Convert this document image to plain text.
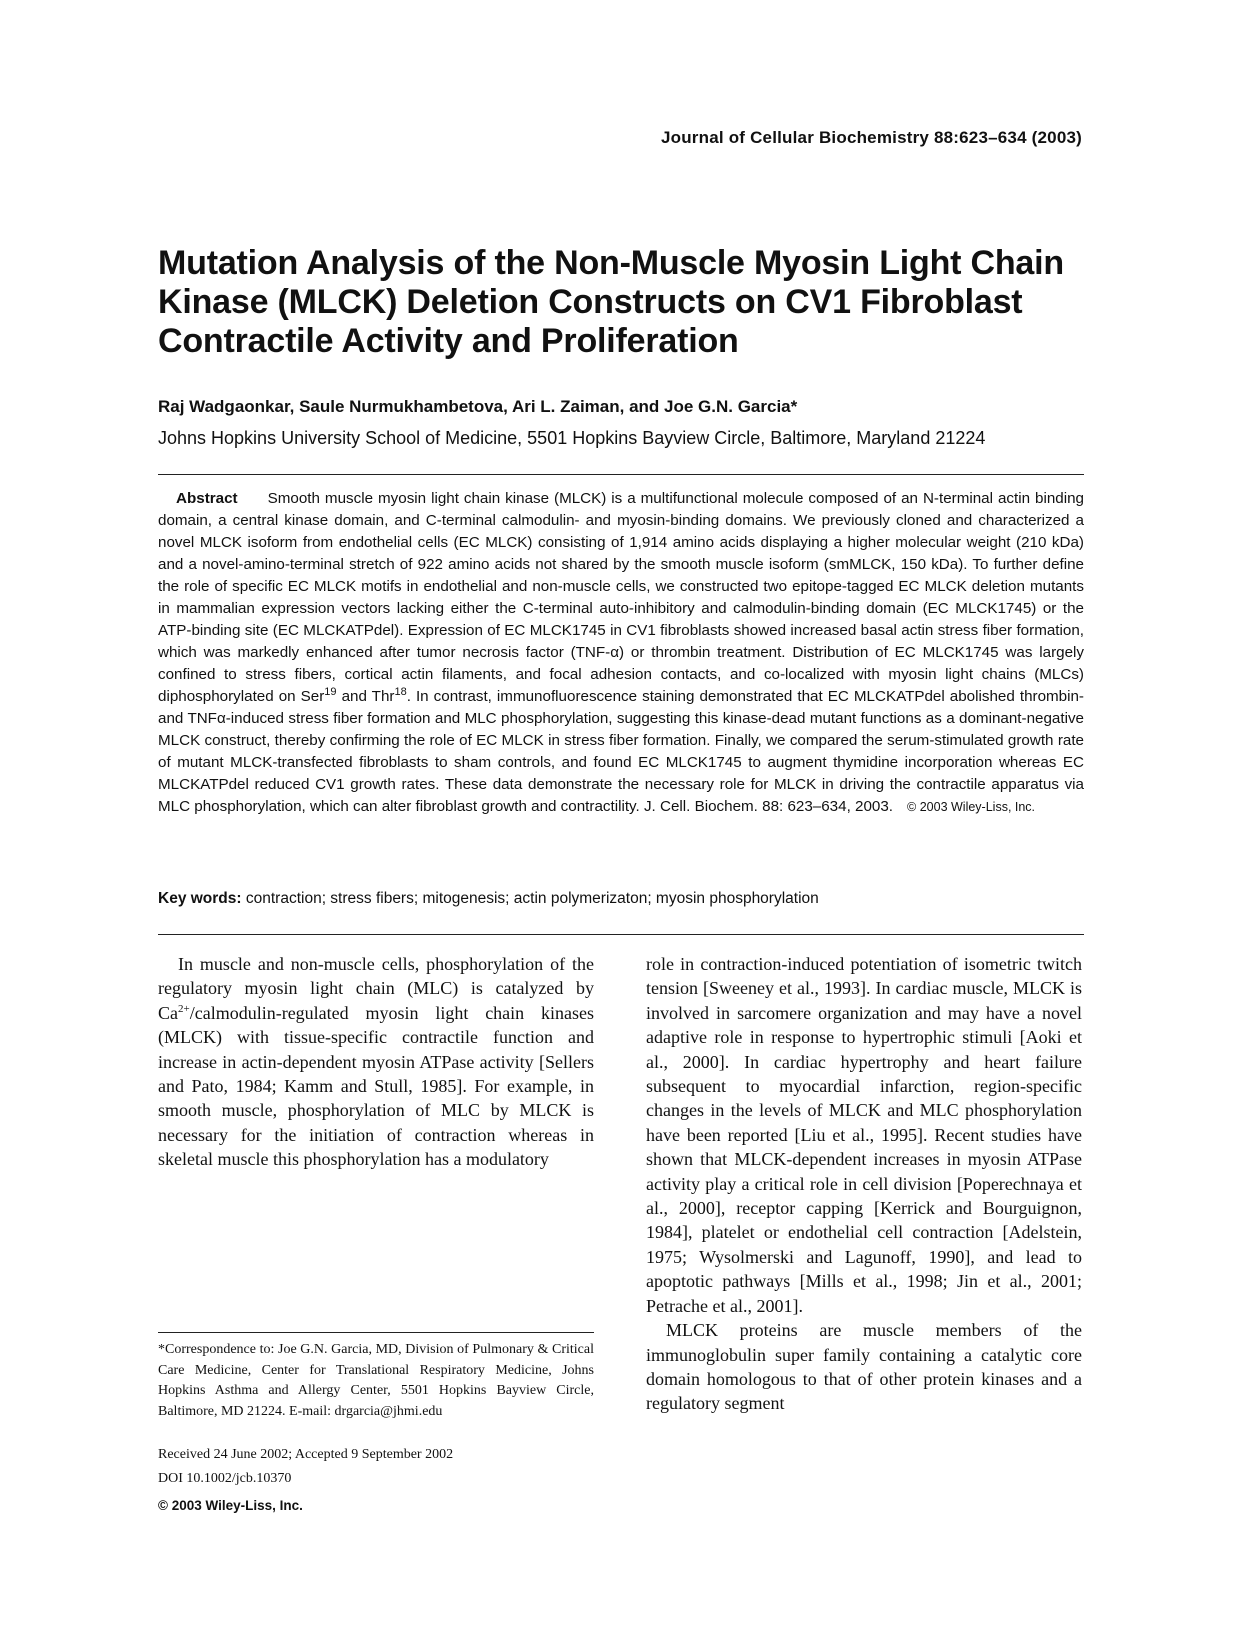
Journal of Cellular Biochemistry 88:623–634 (2003)
Mutation Analysis of the Non-Muscle Myosin Light Chain Kinase (MLCK) Deletion Constructs on CV1 Fibroblast Contractile Activity and Proliferation
Raj Wadgaonkar, Saule Nurmukhambetova, Ari L. Zaiman, and Joe G.N. Garcia*
Johns Hopkins University School of Medicine, 5501 Hopkins Bayview Circle, Baltimore, Maryland 21224

Abstract Smooth muscle myosin light chain kinase (MLCK) is a multifunctional molecule composed of an N-terminal actin binding domain, a central kinase domain, and C-terminal calmodulin- and myosin-binding domains. We previously cloned and characterized a novel MLCK isoform from endothelial cells (EC MLCK) consisting of 1,914 amino acids displaying a higher molecular weight (210 kDa) and a novel-amino-terminal stretch of 922 amino acids not shared by the smooth muscle isoform (smMLCK, 150 kDa). To further define the role of specific EC MLCK motifs in endothelial and non-muscle cells, we constructed two epitope-tagged EC MLCK deletion mutants in mammalian expression vectors lacking either the C-terminal auto-inhibitory and calmodulin-binding domain (EC MLCK1745) or the ATP-binding site (EC MLCKATPdel). Expression of EC MLCK1745 in CV1 fibroblasts showed increased basal actin stress fiber formation, which was markedly enhanced after tumor necrosis factor (TNF-α) or thrombin treatment. Distribution of EC MLCK1745 was largely confined to stress fibers, cortical actin filaments, and focal adhesion contacts, and co-localized with myosin light chains (MLCs) diphosphorylated on Ser$^{19}$ and Thr$^{18}$. In contrast, immunofluorescence staining demonstrated that EC MLCKATPdel abolished thrombin- and TNFα-induced stress fiber formation and MLC phosphorylation, suggesting this kinase-dead mutant functions as a dominant-negative MLCK construct, thereby confirming the role of EC MLCK in stress fiber formation. Finally, we compared the serum-stimulated growth rate of mutant MLCK-transfected fibroblasts to sham controls, and found EC MLCK1745 to augment thymidine incorporation whereas EC MLCKATPdel reduced CV1 growth rates. These data demonstrate the necessary role for MLCK in driving the contractile apparatus via MLC phosphorylation, which can alter fibroblast growth and contractility. J. Cell. Biochem. 88: 623–634, 2003. © 2003 Wiley-Liss, Inc.

Key words: contraction; stress fibers; mitogenesis; actin polymerizaton; myosin phosphorylation

In muscle and non-muscle cells, phosphorylation of the regulatory myosin light chain (MLC) is catalyzed by $Ca^{2+}/calmodulin$-regulated myosin light chain kinases (MLCK) with tissue-specific contractile function and increase in actin-dependent myosin ATPase activity [Sellers and Pato, 1984; Kamm and Stull, 1985]. For example, in smooth muscle, phosphorylation of MLC by MLCK is necessary for the initiation of contraction whereas in skeletal muscle this phosphorylation has a modulatory

role in contraction-induced potentiation of isometric twitch tension [Sweeney et al., 1993]. In cardiac muscle, MLCK is involved in sarcomere organization and may have a novel adaptive role in response to hypertrophic stimuli [Aoki et al., 2000]. In cardiac hypertrophy and heart failure subsequent to myocardial infarction, region-specific changes in the levels of MLCK and MLC phosphorylation have been reported [Liu et al., 1995]. Recent studies have shown that MLCK-dependent increases in myosin ATPase activity play a critical role in cell division [Poperechnaya et al., 2000], receptor capping [Kerrick and Bourguignon, 1984], platelet or endothelial cell contraction [Adelstein, 1975; Wysolmerski and Lagunoff, 1990], and lead to apoptotic pathways [Mills et al., 1998; Jin et al., 2001; Petrache et al., 2001].

MLCK proteins are muscle members of the immunoglobulin super family containing a catalytic core domain homologous to that of other protein kinases and a regulatory segment

*Correspondence to: Joe G.N. Garcia, MD, Division of Pulmonary & Critical Care Medicine, Center for Translational Respiratory Medicine, Johns Hopkins Asthma and Allergy Center, 5501 Hopkins Bayview Circle, Baltimore, MD 21224. E-mail: drgarcia@jhmi.edu

Received 24 June 2002; Accepted 9 September 2002
DOI 10.1002/jcb.10370
© 2003 Wiley-Liss, Inc.
